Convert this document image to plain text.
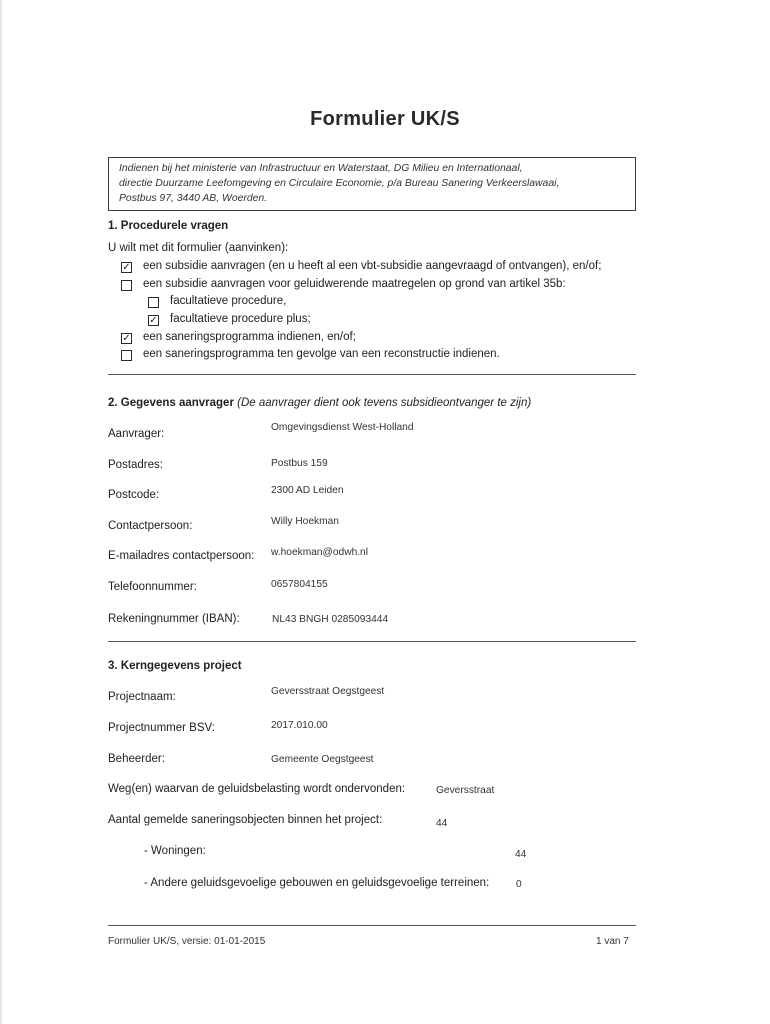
Formulier UK/S
Indienen bij het ministerie van Infrastructuur en Waterstaat, DG Milieu en Internationaal,
directie Duurzame Leefomgeving en Circulaire Economie, p/a Bureau Sanering Verkeerslawaai,
Postbus 97, 3440 AB, Woerden.
1. Procedurele vragen
U wilt met dit formulier (aanvinken):
✓ een subsidie aanvragen (en u heeft al een vbt-subsidie aangevraagd of ontvangen), en/of;
een subsidie aanvragen voor geluidwerende maatregelen op grond van artikel 35b:
facultatieve procedure,
✓ facultatieve procedure plus;
✓ een saneringsprogramma indienen, en/of;
een saneringsprogramma ten gevolge van een reconstructie indienen.
2. Gegevens aanvrager (De aanvrager dient ook tevens subsidieontvanger te zijn)
Aanvrager:
Omgevingsdienst West-Holland
Postadres:	Postbus 159
Postcode:	2300 AD Leiden
Contactpersoon:	Willy Hoekman
E-mailadres contactpersoon: w.hoekman@odwh.nl
Telefoonnummer:	0657804155
Rekeningnummer (IBAN):	NL43 BNGH 0285093444
3. Kerngegevens project
Projectnaam:	Geversstraat Oegstgeest
Projectnummer BSV:	2017.010.00
Beheerder:	Gemeente Oegstgeest
Weg(en) waarvan de geluidsbelasting wordt ondervonden:	Geversstraat
Aantal gemelde saneringsobjecten binnen het project:	44
- Woningen:	44
- Andere geluidsgevoelige gebouwen en geluidsgevoelige terreinen:	0
Formulier UK/S, versie: 01-01-2015	1 van 7
